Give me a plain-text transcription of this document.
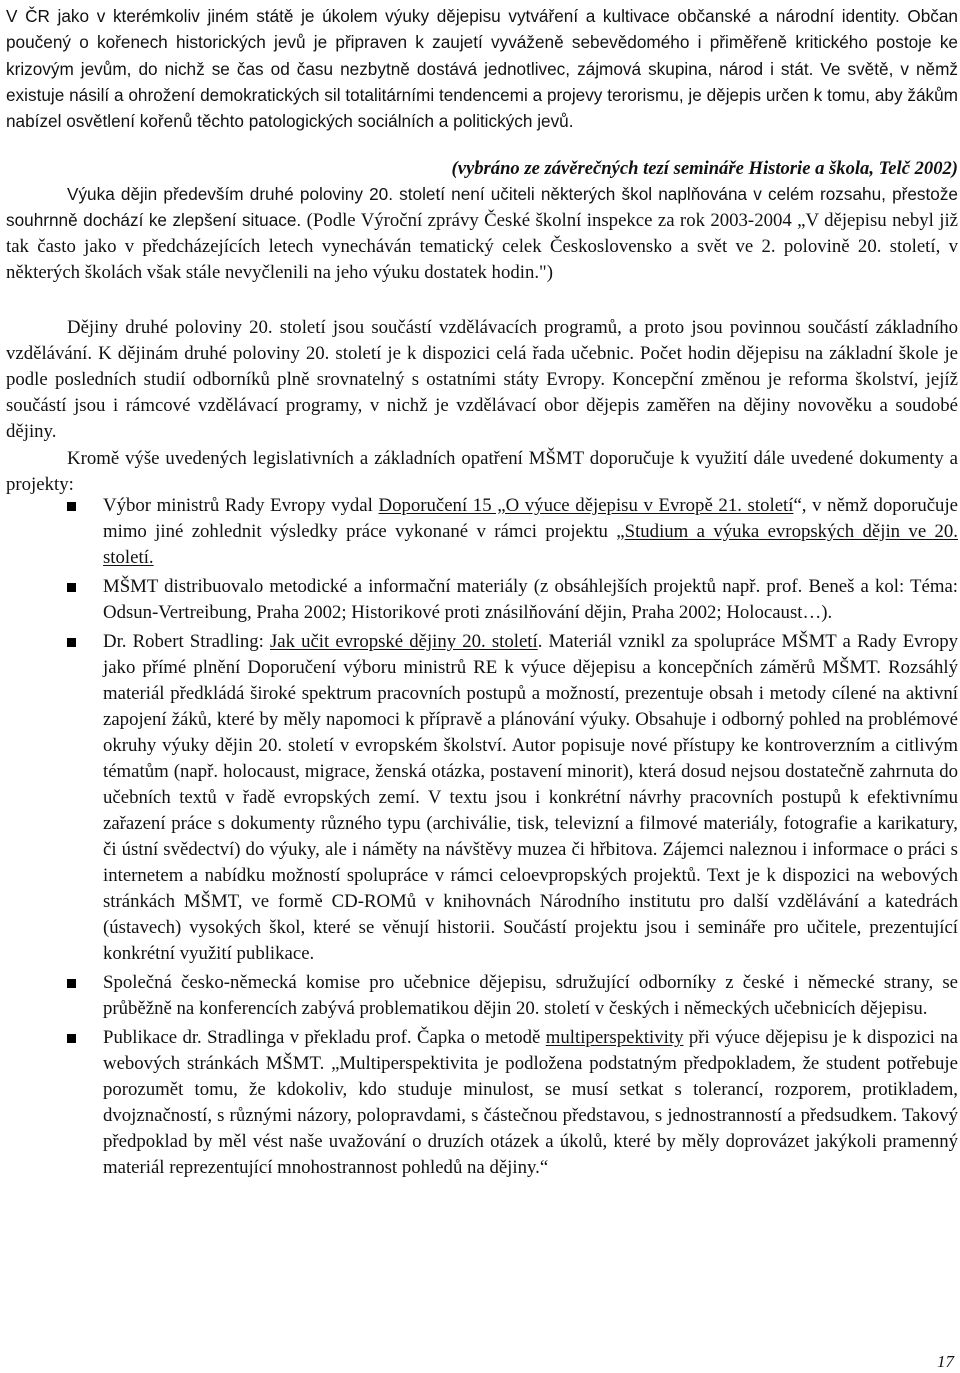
V ČR jako v kterémkoliv jiném státě je úkolem výuky dějepisu vytváření a kultivace občanské a národní identity. Občan poučený o kořenech historických jevů je připraven k zaujetí vyváženě sebevědomého i přiměřeně kritického postoje ke krizovým jevům, do nichž se čas od času nezbytně dostává jednotlivec, zájmová skupina, národ i stát. Ve světě, v němž existuje násilí a ohrožení demokratických sil totalitárními tendencemi a projevy terorismu, je dějepis určen k tomu, aby žákům nabízel osvětlení kořenů těchto patologických sociálních a politických jevů.

(vybráno ze závěrečných tezí semináře Historie a škola, Telč 2002)

Výuka dějin především druhé poloviny 20. století není učiteli některých škol naplňována v celém rozsahu, přestože souhrnně dochází ke zlepšení situace. (Podle Výroční zprávy České školní inspekce za rok 2003-2004 „V dějepisu nebyl již tak často jako v předcházejících letech vynecháván tematický celek Československo a svět ve 2. polovině 20. století, v některých školách však stále nevyčlenili na jeho výuku dostatek hodin.")

Dějiny druhé poloviny 20. století jsou součástí vzdělávacích programů, a proto jsou povinnou součástí základního vzdělávání. K dějinám druhé poloviny 20. století je k dispozici celá řada učebnic. Počet hodin dějepisu na základní škole je podle posledních studií odborníků plně srovnatelný s ostatními státy Evropy. Koncepční změnou je reforma školství, jejíž součástí jsou i rámcové vzdělávací programy, v nichž je vzdělávací obor dějepis zaměřen na dějiny novověku a soudobé dějiny.

Kromě výše uvedených legislativních a základních opatření MŠMT doporučuje k využití dále uvedené dokumenty a projekty:

Výbor ministrů Rady Evropy vydal Doporučení 15 „O výuce dějepisu v Evropě 21. století“, v němž doporučuje mimo jiné zohlednit výsledky práce vykonané v rámci projektu „Studium a výuka evropských dějin ve 20. století.
MŠMT distribuovalo metodické a informační materiály (z obsáhlejších projektů např. prof. Beneš a kol: Téma: Odsun-Vertreibung, Praha 2002; Historikové proti znásilňování dějin, Praha 2002; Holocaust…).
Dr. Robert Stradling: Jak učit evropské dějiny 20. století. Materiál vznikl za spolupráce MŠMT a Rady Evropy jako přímé plnění Doporučení výboru ministrů RE k výuce dějepisu a koncepčních záměrů MŠMT. Rozsáhlý materiál předkládá široké spektrum pracovních postupů a možností, prezentuje obsah i metody cílené na aktivní zapojení žáků, které by měly napomoci k přípravě a plánování výuky. Obsahuje i odborný pohled na problémové okruhy výuky dějin 20. století v evropském školství. Autor popisuje nové přístupy ke kontroverzním a citlivým tématům (např. holocaust, migrace, ženská otázka, postavení minorit), která dosud nejsou dostatečně zahrnuta do učebních textů v řadě evropských zemí. V textu jsou i konkrétní návrhy pracovních postupů k efektivnímu zařazení práce s dokumenty různého typu (archiválie, tisk, televizní a filmové materiály, fotografie a karikatury, či ústní svědectví) do výuky, ale i náměty na návštěvy muzea či hřbitova. Zájemci naleznou i informace o práci s internetem a nabídku možností spolupráce v rámci celoevpropských projektů. Text je k dispozici na webových stránkách MŠMT, ve formě CD-ROMů v knihovnách Národního institutu pro další vzdělávání a katedrách (ústavech) vysokých škol, které se věnují historii. Součástí projektu jsou i semináře pro učitele, prezentující konkrétní využití publikace.
Společná česko-německá komise pro učebnice dějepisu, sdružující odborníky z české i německé strany, se průběžně na konferencích zabývá problematikou dějin 20. století v českých i německých učebnicích dějepisu.
Publikace dr. Stradlinga v překladu prof. Čapka o metodě multiperspektivity při výuce dějepisu je k dispozici na webových stránkách MŠMT. „Multiperspektivita je podložena podstatným předpokladem, že student potřebuje porozumět tomu, že kdokoliv, kdo studuje minulost, se musí setkat s tolerancí, rozporem, protikladem, dvojznačností, s různými názory, polopravdami, s částečnou představou, s jednostranností a předsudkem. Takový předpoklad by měl vést naše uvažování o druzích otázek a úkolů, které by měly doprovázet jakýkoli pramenný materiál reprezentující mnohostrannost pohledů na dějiny.“
17
